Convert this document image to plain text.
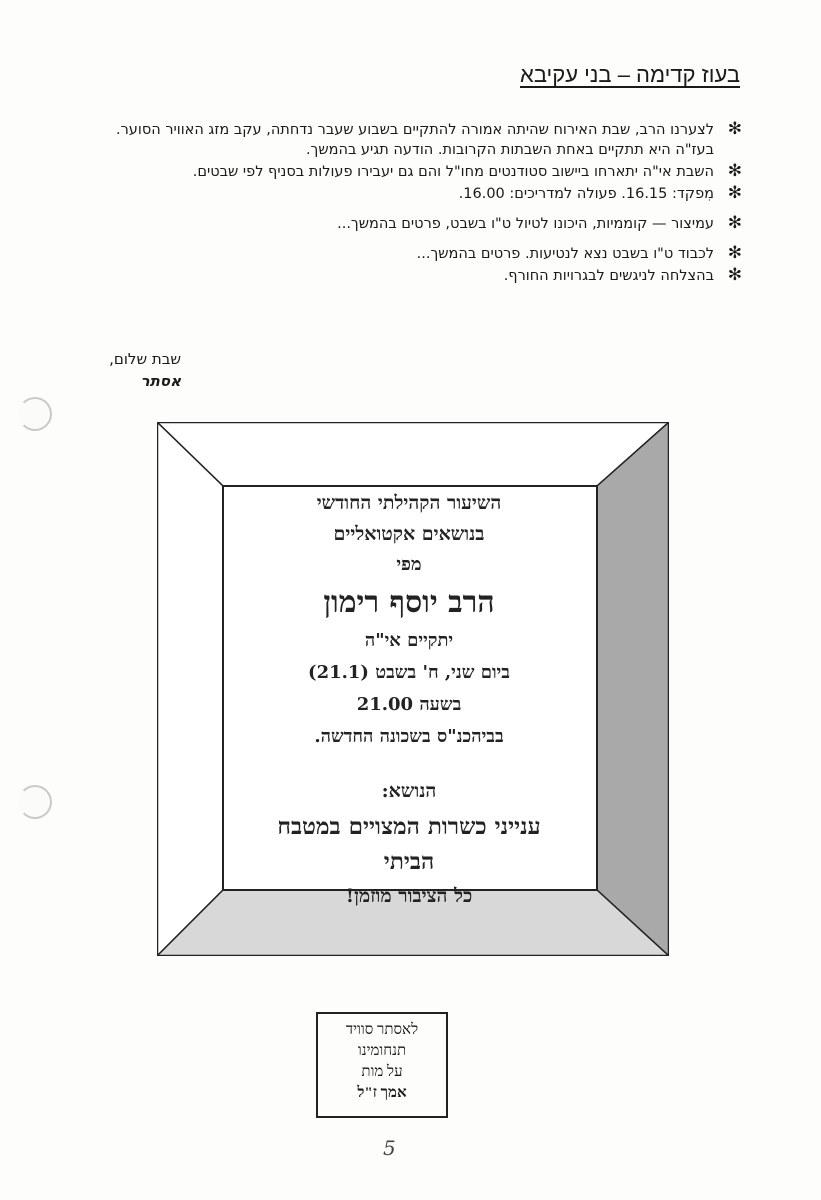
בעוז קדימה – בני עקיבא
✻
לצערנו הרב, שבת האירוח שהיתה אמורה להתקיים בשבוע שעבר נדחתה, עקב מזג האוויר הסוער. בעז"ה היא תתקיים באחת השבתות הקרובות. הודעה תגיע בהמשך.
✻
השבת אי"ה יתארחו ביישוב סטודנטים מחו"ל והם גם יעבירו פעולות בסניף לפי שבטים.
✻
מִפקד: 16.15. פעולה למדריכים: 16.00.
✻
עמיצור — קוממיות, היכונו לטיול ט"ו בשבט, פרטים בהמשך...
✻
לכבוד ט"ו בשבט נצא לנטיעות. פרטים בהמשך...
✻
בהצלחה לניגשים לבגרויות החורף.
שבת שלום,
אסתר
השיעור הקהילתי החודשי
בנושאים אקטואליים
מפי
הרב יוסף רימון
יתקיים אי"ה
ביום שני, ח' בשבט (21.1)
בשעה 21.00
בביהכנ"ס בשכונה החדשה.
הנושא:
ענייני כשרות המצויים במטבח
הביתי
כל הציבור מוזמן!
לאסתר סוויד
תנחומינו
על מות
אמך ז"ל
5
